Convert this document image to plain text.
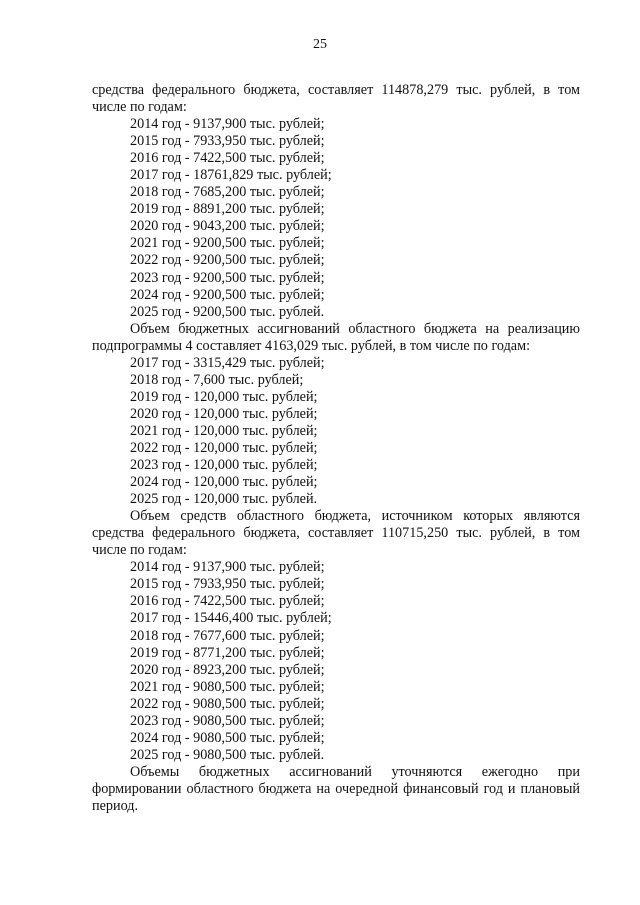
25

средства федерального бюджета, составляет 114878,279 тыс. рублей, в том числе по годам:

2014 год - 9137,900 тыс. рублей;
2015 год - 7933,950 тыс. рублей;
2016 год - 7422,500 тыс. рублей;
2017 год - 18761,829 тыс. рублей;
2018 год - 7685,200 тыс. рублей;
2019 год - 8891,200 тыс. рублей;
2020 год - 9043,200 тыс. рублей;
2021 год - 9200,500 тыс. рублей;
2022 год - 9200,500 тыс. рублей;
2023 год - 9200,500 тыс. рублей;
2024 год - 9200,500 тыс. рублей;
2025 год - 9200,500 тыс. рублей.

Объем бюджетных ассигнований областного бюджета на реализацию подпрограммы 4 составляет 4163,029 тыс. рублей, в том числе по годам:

2017 год - 3315,429 тыс. рублей;
2018 год - 7,600 тыс. рублей;
2019 год - 120,000 тыс. рублей;
2020 год - 120,000 тыс. рублей;
2021 год - 120,000 тыс. рублей;
2022 год - 120,000 тыс. рублей;
2023 год - 120,000 тыс. рублей;
2024 год - 120,000 тыс. рублей;
2025 год - 120,000 тыс. рублей.

Объем средств областного бюджета, источником которых являются средства федерального бюджета, составляет 110715,250 тыс. рублей, в том числе по годам:

2014 год - 9137,900 тыс. рублей;
2015 год - 7933,950 тыс. рублей;
2016 год - 7422,500 тыс. рублей;
2017 год - 15446,400 тыс. рублей;
2018 год - 7677,600 тыс. рублей;
2019 год - 8771,200 тыс. рублей;
2020 год - 8923,200 тыс. рублей;
2021 год - 9080,500 тыс. рублей;
2022 год - 9080,500 тыс. рублей;
2023 год - 9080,500 тыс. рублей;
2024 год - 9080,500 тыс. рублей;
2025 год - 9080,500 тыс. рублей.

Объемы бюджетных ассигнований уточняются ежегодно при формировании областного бюджета на очередной финансовый год и плановый период.
